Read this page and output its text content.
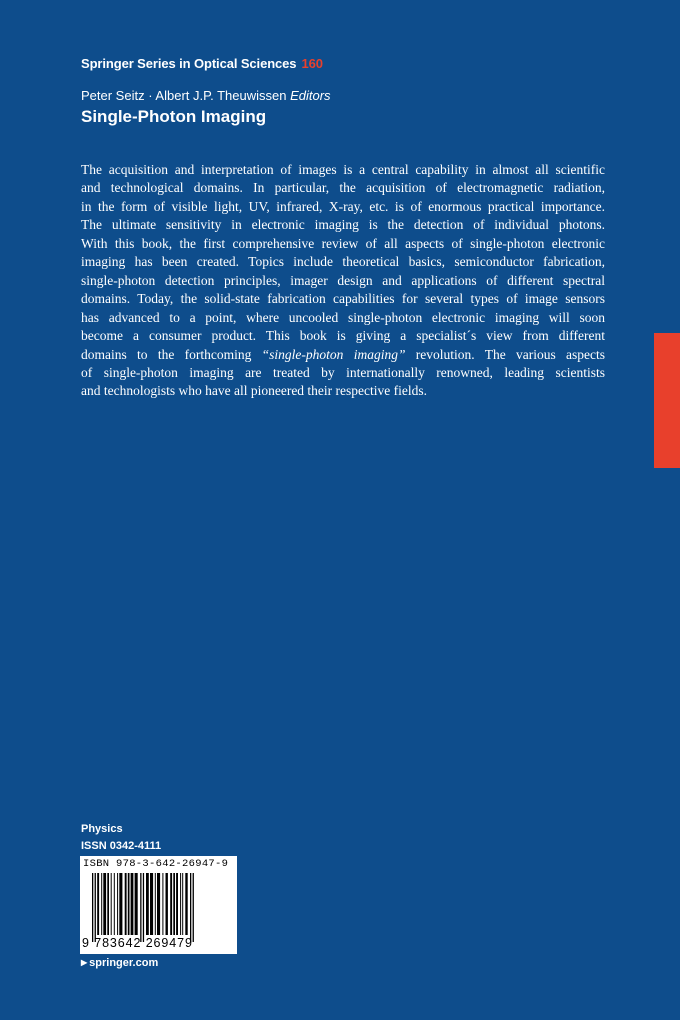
Springer Series in Optical Sciences 160
Peter Seitz · Albert J.P. Theuwissen Editors
Single-Photon Imaging

The acquisition and interpretation of images is a central capability in almost all scientific
and technological domains. In particular, the acquisition of electromagnetic radiation,
in the form of visible light, UV, infrared, X-ray, etc. is of enormous practical importance.
The ultimate sensitivity in electronic imaging is the detection of individual photons.
With this book, the first comprehensive review of all aspects of single-photon electronic
imaging has been created. Topics include theoretical basics, semiconductor fabrication,
single-photon detection principles, imager design and applications of different spectral
domains. Today, the solid-state fabrication capabilities for several types of image sensors
has advanced to a point, where uncooled single-photon electronic imaging will soon
become a consumer product. This book is giving a specialist´s view from different
domains to the forthcoming “single-photon imaging” revolution. The various aspects
of single-photon imaging are treated by internationally renowned, leading scientists
and technologists who have all pioneered their respective fields.

Physics
ISSN 0342-4111
ISBN 978-3-642-26947-9
9 783642 269479
▶ springer.com
